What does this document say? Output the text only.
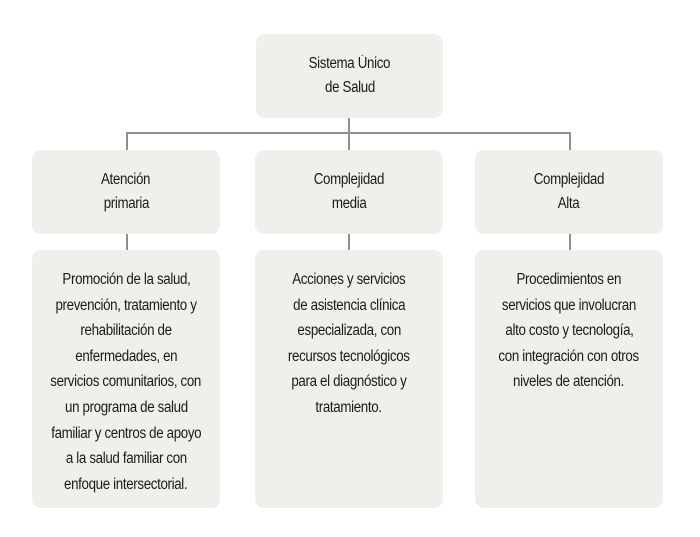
Sistema Único
de Salud
Atención
primaria
Complejidad
media
Complejidad
Alta
Promoción de la salud,
prevención, tratamiento y
rehabilitación de
enfermedades, en
servicios comunitarios, con
un programa de salud
familiar y centros de apoyo
a la salud familiar con
enfoque intersectorial.
Acciones y servicios
de asistencia clínica
especializada, con
recursos tecnológicos
para el diagnóstico y
tratamiento.
Procedimientos en
servicios que involucran
alto costo y tecnología,
con integración con otros
niveles de atención.
